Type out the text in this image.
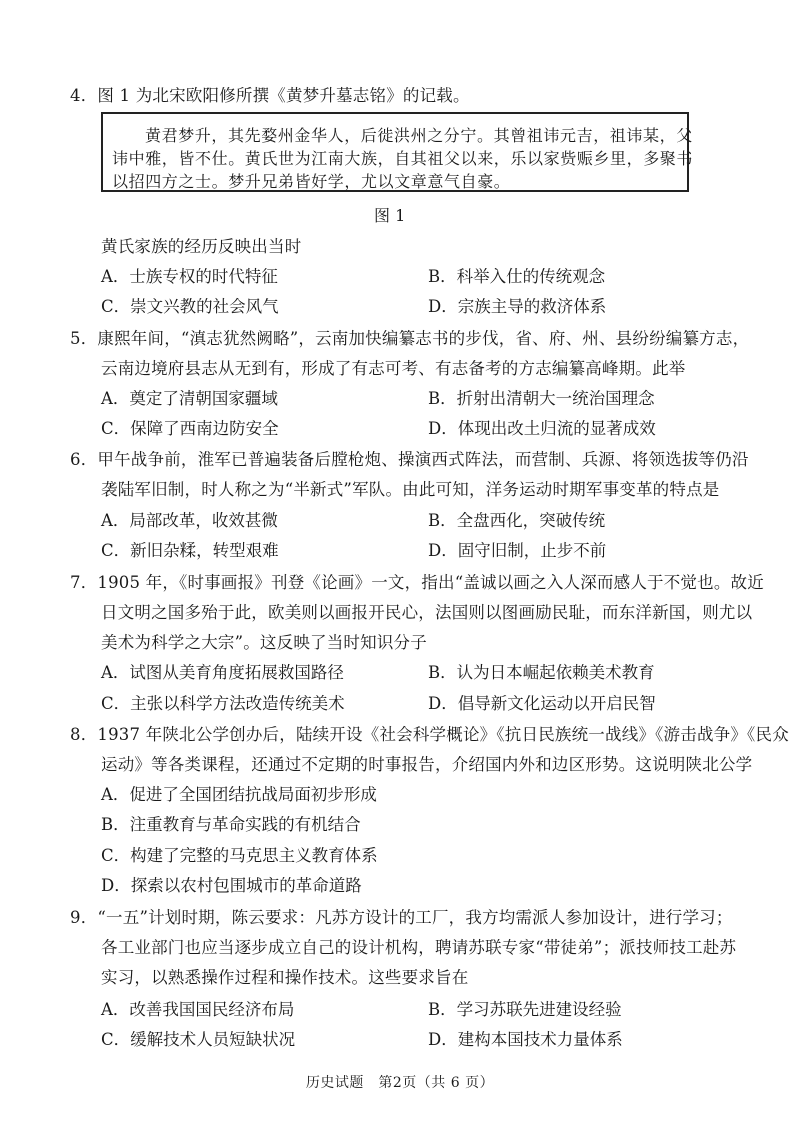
4．图 1 为北宋欧阳修所撰《黄梦升墓志铭》的记载。
黄君梦升，其先婺州金华人，后徙洪州之分宁。其曾祖讳元吉，祖讳某，父
讳中雅，皆不仕。黄氏世为江南大族，自其祖父以来，乐以家赀赈乡里，多聚书
以招四方之士。梦升兄弟皆好学，尤以文章意气自豪。
图 1
黄氏家族的经历反映出当时
A．士族专权的时代特征	B．科举入仕的传统观念
C．崇文兴教的社会风气	D．宗族主导的救济体系
5．康熙年间，“滇志犹然阙略”，云南加快编纂志书的步伐，省、府、州、县纷纷编纂方志，
云南边境府县志从无到有，形成了有志可考、有志备考的方志编纂高峰期。此举
A．奠定了清朝国家疆域	B．折射出清朝大一统治国理念
C．保障了西南边防安全	D．体现出改土归流的显著成效
6．甲午战争前，淮军已普遍装备后膛枪炮、操演西式阵法，而营制、兵源、将领选拔等仍沿
袭陆军旧制，时人称之为“半新式”军队。由此可知，洋务运动时期军事变革的特点是
A．局部改革，收效甚微	B．全盘西化，突破传统
C．新旧杂糅，转型艰难	D．固守旧制，止步不前
7．1905 年，《时事画报》刊登《论画》一文，指出“盖诚以画之入人深而感人于不觉也。故近
日文明之国多殆于此，欧美则以画报开民心，法国则以图画励民耻，而东洋新国，则尤以
美术为科学之大宗”。这反映了当时知识分子
A．试图从美育角度拓展救国路径	B．认为日本崛起依赖美术教育
C．主张以科学方法改造传统美术	D．倡导新文化运动以开启民智
8．1937 年陕北公学创办后，陆续开设《社会科学概论》《抗日民族统一战线》《游击战争》《民众
运动》等各类课程，还通过不定期的时事报告，介绍国内外和边区形势。这说明陕北公学
A．促进了全国团结抗战局面初步形成
B．注重教育与革命实践的有机结合
C．构建了完整的马克思主义教育体系
D．探索以农村包围城市的革命道路
9．“一五”计划时期，陈云要求：凡苏方设计的工厂，我方均需派人参加设计，进行学习；
各工业部门也应当逐步成立自己的设计机构，聘请苏联专家“带徒弟”；派技师技工赴苏
实习，以熟悉操作过程和操作技术。这些要求旨在
A．改善我国国民经济布局	B．学习苏联先进建设经验
C．缓解技术人员短缺状况	D．建构本国技术力量体系
历史试题　第2页（共 6 页）
